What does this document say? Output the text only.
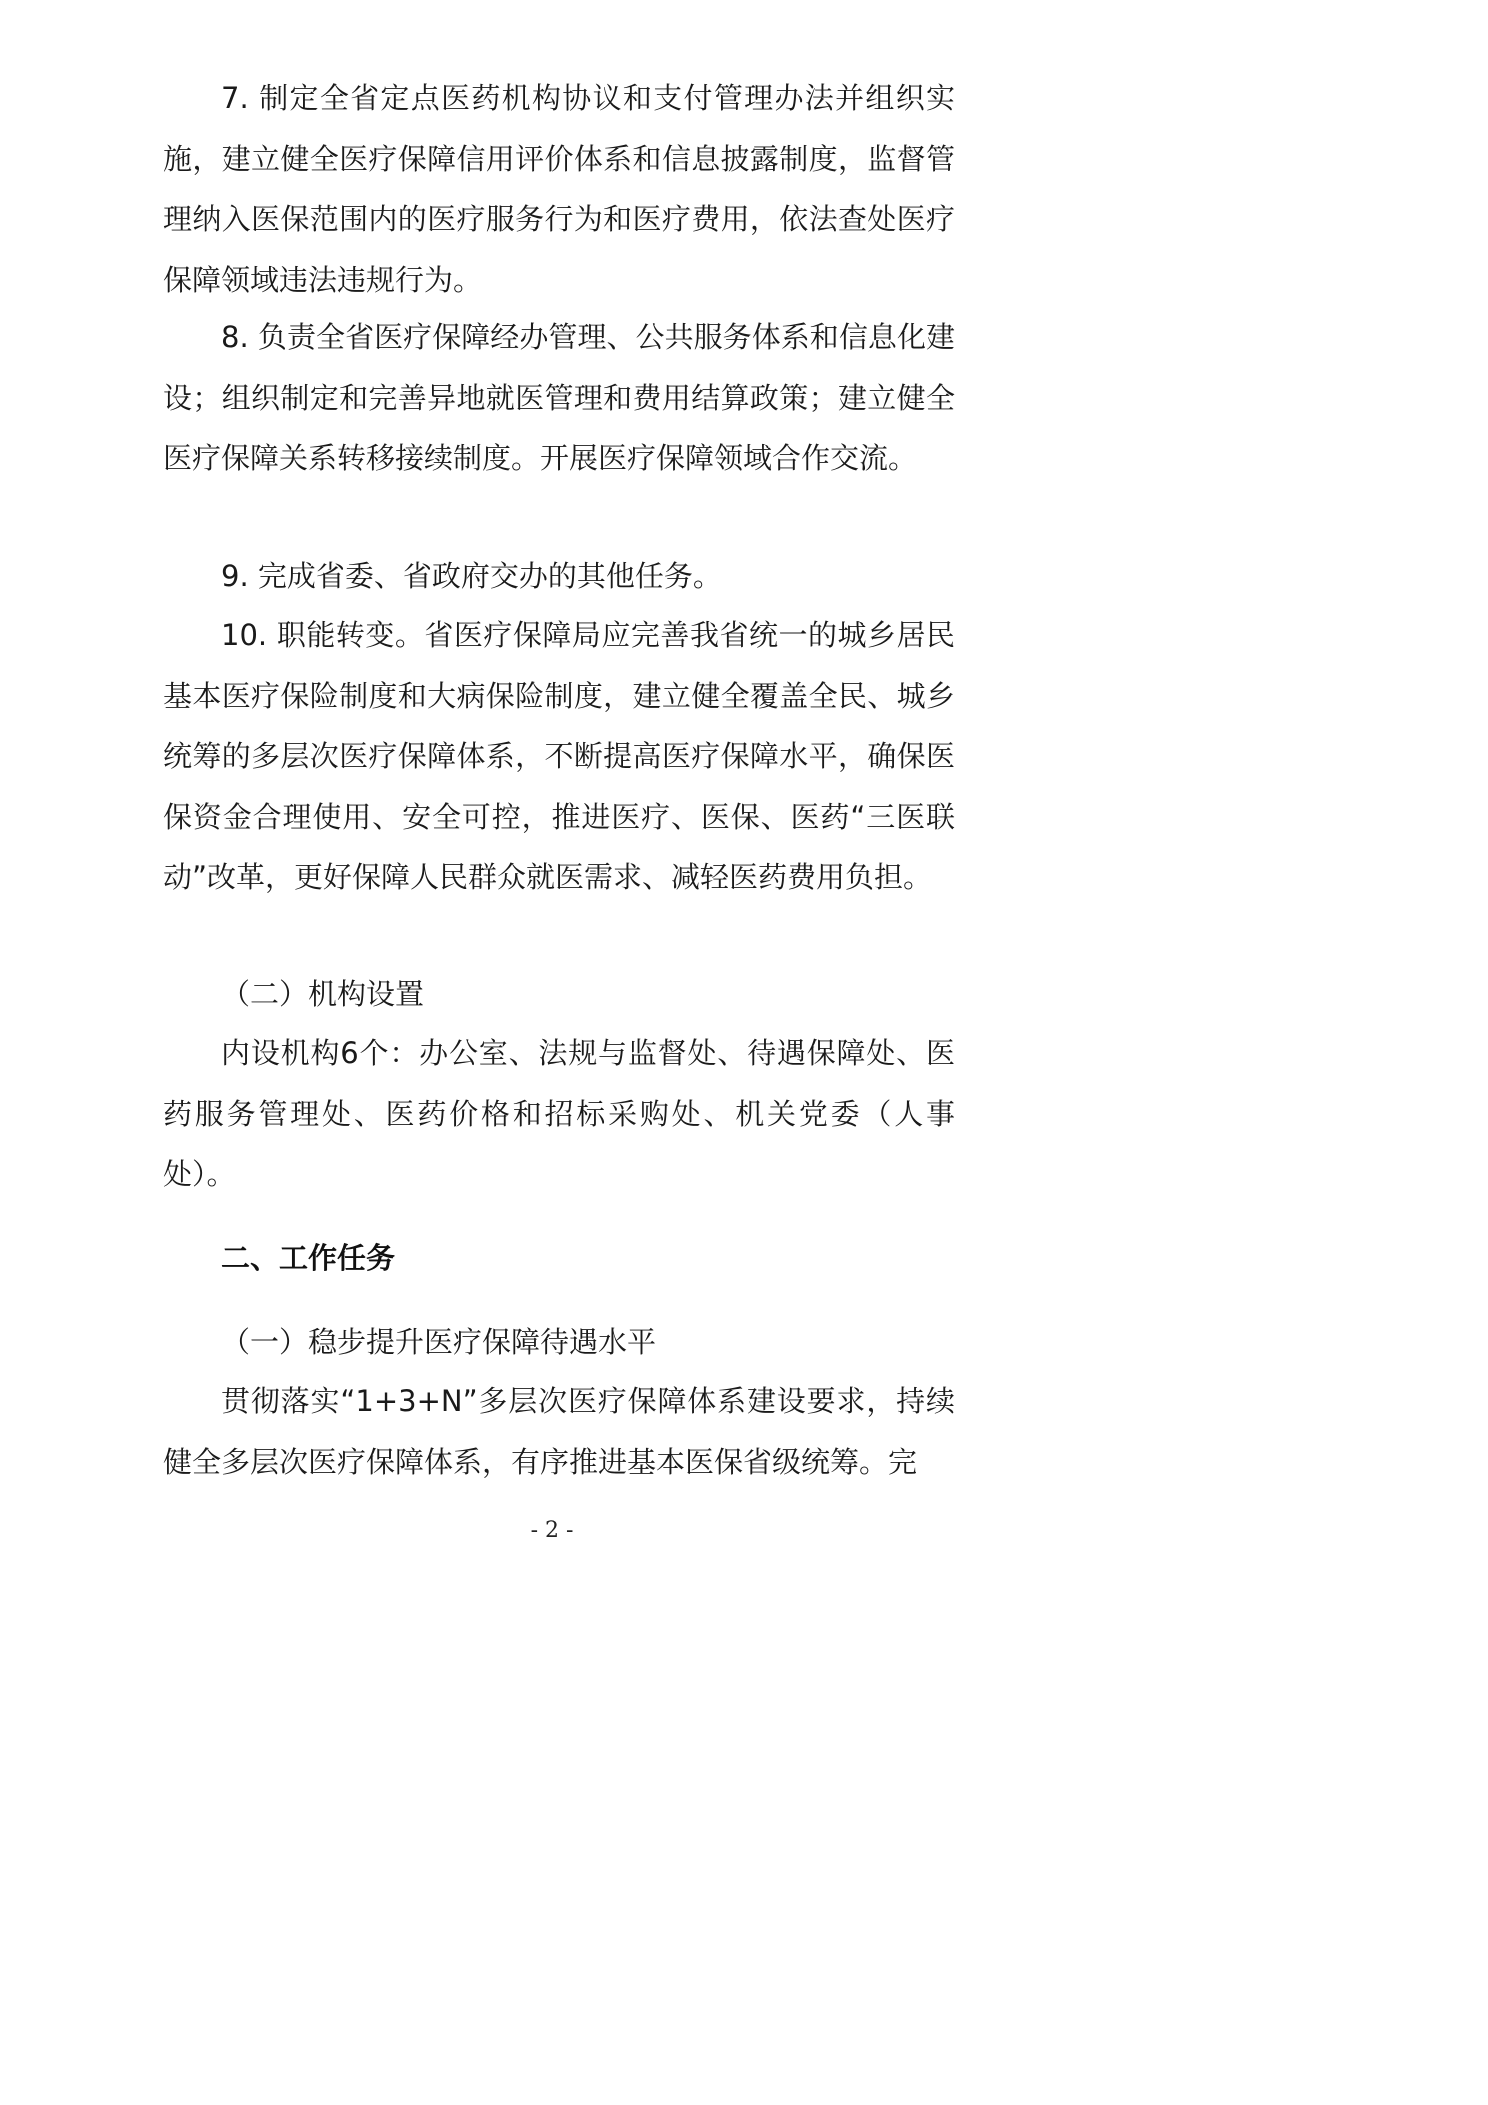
7. 制定全省定点医药机构协议和支付管理办法并组织实施，建立健全医疗保障信用评价体系和信息披露制度，监督管理纳入医保范围内的医疗服务行为和医疗费用，依法查处医疗保障领域违法违规行为。

8. 负责全省医疗保障经办管理、公共服务体系和信息化建设；组织制定和完善异地就医管理和费用结算政策；建立健全医疗保障关系转移接续制度。开展医疗保障领域合作交流。

9. 完成省委、省政府交办的其他任务。

10. 职能转变。省医疗保障局应完善我省统一的城乡居民基本医疗保险制度和大病保险制度，建立健全覆盖全民、城乡统筹的多层次医疗保障体系，不断提高医疗保障水平，确保医保资金合理使用、安全可控，推进医疗、医保、医药“三医联动”改革，更好保障人民群众就医需求、减轻医药费用负担。

（二）机构设置

内设机构6个：办公室、法规与监督处、待遇保障处、医药服务管理处、医药价格和招标采购处、机关党委（人事处）。

二、工作任务

（一）稳步提升医疗保障待遇水平

贯彻落实“1+3+N”多层次医疗保障体系建设要求，持续健全多层次医疗保障体系，有序推进基本医保省级统筹。完

- 2 -
